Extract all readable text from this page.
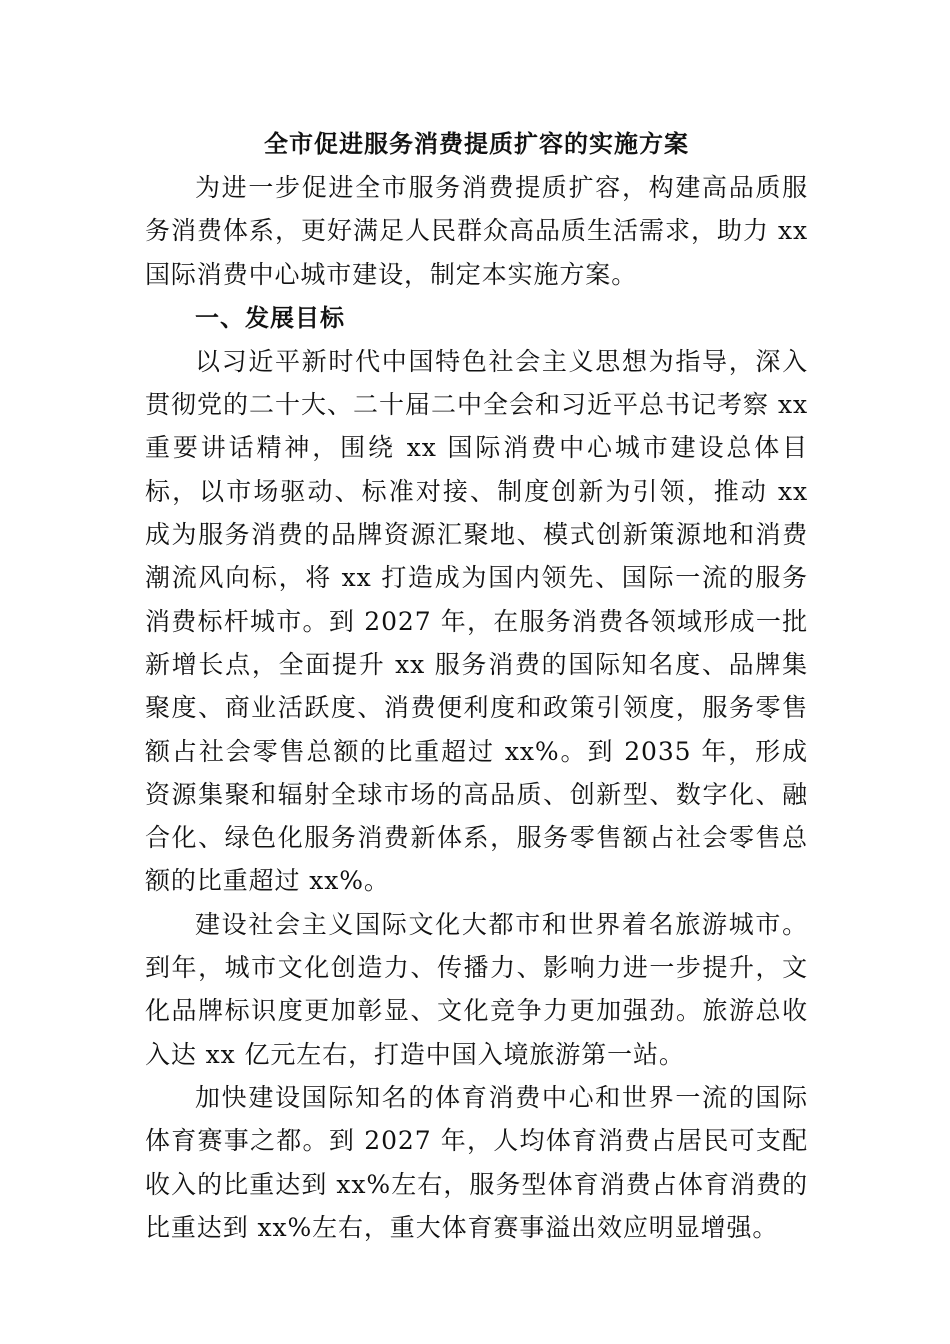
全市促进服务消费提质扩容的实施方案

为进一步促进全市服务消费提质扩容，构建高品质服务消费体系，更好满足人民群众高品质生活需求，助力 xx 国际消费中心城市建设，制定本实施方案。

一、发展目标

以习近平新时代中国特色社会主义思想为指导，深入贯彻党的二十大、二十届二中全会和习近平总书记考察 xx 重要讲话精神，围绕 xx 国际消费中心城市建设总体目标，以市场驱动、标准对接、制度创新为引领，推动 xx 成为服务消费的品牌资源汇聚地、模式创新策源地和消费潮流风向标，将 xx 打造成为国内领先、国际一流的服务消费标杆城市。到 2027 年，在服务消费各领域形成一批新增长点，全面提升 xx 服务消费的国际知名度、品牌集聚度、商业活跃度、消费便利度和政策引领度，服务零售额占社会零售总额的比重超过 xx%。到 2035 年，形成资源集聚和辐射全球市场的高品质、创新型、数字化、融合化、绿色化服务消费新体系，服务零售额占社会零售总额的比重超过 xx%。

建设社会主义国际文化大都市和世界着名旅游城市。到年，城市文化创造力、传播力、影响力进一步提升，文化品牌标识度更加彰显、文化竞争力更加强劲。旅游总收入达 xx 亿元左右，打造中国入境旅游第一站。

加快建设国际知名的体育消费中心和世界一流的国际体育赛事之都。到 2027 年，人均体育消费占居民可支配收入的比重达到 xx%左右，服务型体育消费占体育消费的比重达到 xx%左右，重大体育赛事溢出效应明显增强。
